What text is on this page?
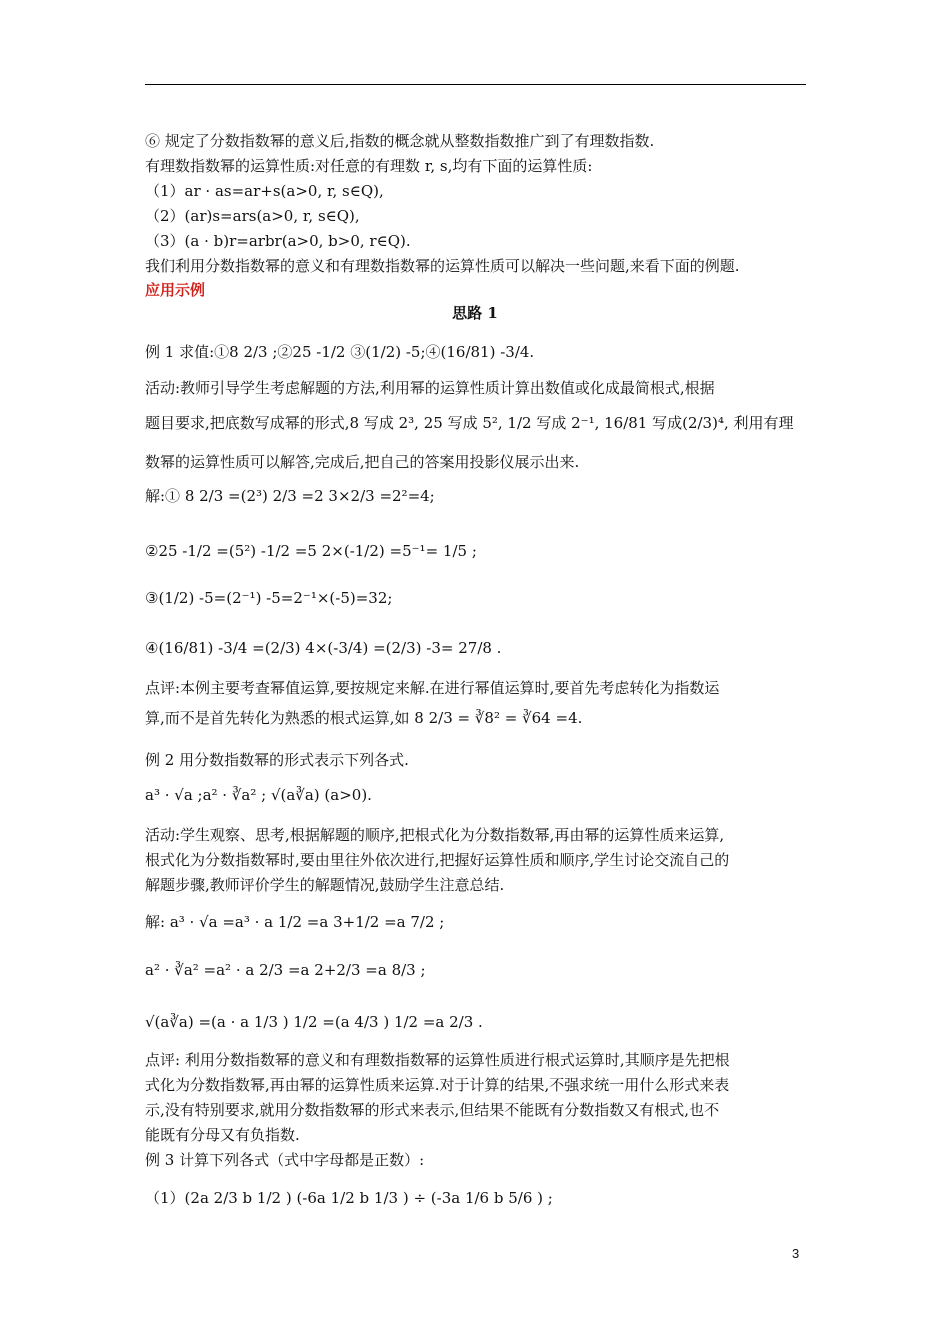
⑥ 规定了分数指数幂的意义后,指数的概念就从整数指数推广到了有理数指数.
有理数指数幂的运算性质:对任意的有理数 r, s,均有下面的运算性质:
（1）ar · as=ar+s(a>0, r, s∈Q),
（2）(ar)s=ars(a>0, r, s∈Q),
（3）(a · b)r=arbr(a>0, b>0, r∈Q).
我们利用分数指数幂的意义和有理数指数幂的运算性质可以解决一些问题,来看下面的例题.
应用示例
思路 1
例 1 求值:①8 2/3 ;②25 -1/2 ③(1/2) -5;④(16/81) -3/4.
活动:教师引导学生考虑解题的方法,利用幂的运算性质计算出数值或化成最简根式,根据
题目要求,把底数写成幂的形式,8 写成 2³, 25 写成 5², 1/2 写成 2⁻¹, 16/81 写成(2/3)⁴, 利用有理
数幂的运算性质可以解答,完成后,把自己的答案用投影仪展示出来.
解:① 8 2/3 =(2³) 2/3 =2 3×2/3 =2²=4;
②25 -1/2 =(5²) -1/2 =5 2×(-1/2) =5⁻¹= 1/5 ;
③(1/2) -5=(2⁻¹) -5=2⁻¹×(-5)=32;
④(16/81) -3/4 =(2/3) 4×(-3/4) =(2/3) -3= 27/8 .
点评:本例主要考查幂值运算,要按规定来解.在进行幂值运算时,要首先考虑转化为指数运
算,而不是首先转化为熟悉的根式运算,如 8 2/3 = ∛8² = ∛64 =4.
例 2 用分数指数幂的形式表示下列各式.
a³ · √a ;a² · ∛a² ; √(a∛a) (a>0).
活动:学生观察、思考,根据解题的顺序,把根式化为分数指数幂,再由幂的运算性质来运算,
根式化为分数指数幂时,要由里往外依次进行,把握好运算性质和顺序,学生讨论交流自己的
解题步骤,教师评价学生的解题情况,鼓励学生注意总结.
解: a³ · √a =a³ · a 1/2 =a 3+1/2 =a 7/2 ;
a² · ∛a² =a² · a 2/3 =a 2+2/3 =a 8/3 ;
√(a∛a) =(a · a 1/3 ) 1/2 =(a 4/3 ) 1/2 =a 2/3 .
点评: 利用分数指数幂的意义和有理数指数幂的运算性质进行根式运算时,其顺序是先把根
式化为分数指数幂,再由幂的运算性质来运算.对于计算的结果,不强求统一用什么形式来表
示,没有特别要求,就用分数指数幂的形式来表示,但结果不能既有分数指数又有根式,也不
能既有分母又有负指数.
例 3 计算下列各式（式中字母都是正数）:
（1）(2a 2/3 b 1/2 ) (-6a 1/2 b 1/3 ) ÷ (-3a 1/6 b 5/6 ) ;
3
